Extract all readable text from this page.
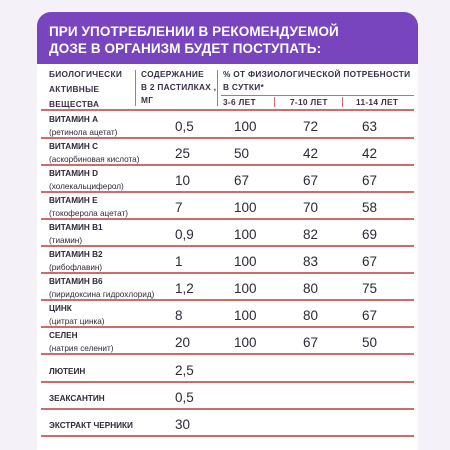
ПРИ УПОТРЕБЛЕНИИ В РЕКОМЕНДУЕМОЙ
ДОЗЕ В ОРГАНИЗМ БУДЕТ ПОСТУПАТЬ:

БИОЛОГИЧЕСКИ
АКТИВНЫЕ
ВЕЩЕСТВА
СОДЕРЖАНИЕ
В 2 ПАСТИЛКАХ ,
МГ
% ОТ ФИЗИОЛОГИЧЕСКОЙ ПОТРЕБНОСТИ
В СУТКИ*
3-6 ЛЕТ	7-10 ЛЕТ	11-14 ЛЕТ
ВИТАМИН А
(ретинола ацетат)	0,5	100	72	63
ВИТАМИН С
(аскорбиновая кислота)	25	50	42	42
ВИТАМИН D
(холекальциферол)	10	67	67	67
ВИТАМИН Е
(токоферола ацетат)	7	100	70	58
ВИТАМИН В1
(тиамин)	0,9	100	82	69
ВИТАМИН В2
(рибофлавин)	1	100	83	67
ВИТАМИН В6
(пиридоксина гидрохлорид) 1,2	100	80	75
ЦИНК
(цитрат цинка)	8	100	80	67
СЕЛЕН
(натрия селенит)	20	100	67	50
ЛЮТЕИН	2,5
ЗЕАКСАНТИН	0,5
ЭКСТРАКТ ЧЕРНИКИ	30
